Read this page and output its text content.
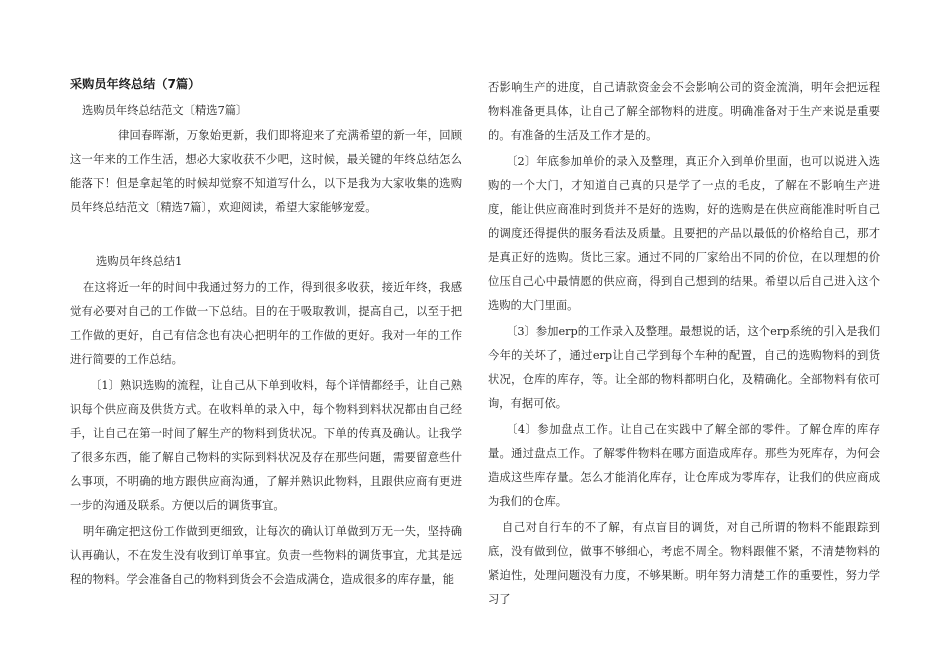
采购员年终总结（7篇）
选购员年终总结范文〔精选7篇〕

律回春晖渐，万象始更新，我们即将迎来了充满希望的新一年，回顾这一年来的工作生活，想必大家收获不少吧，这时候，最关键的年终总结怎么能落下！但是拿起笔的时候却觉察不知道写什么，以下是我为大家收集的选购员年终总结范文〔精选7篇〕，欢迎阅读，希望大家能够宠爱。

选购员年终总结1

在这将近一年的时间中我通过努力的工作，得到很多收获，接近年终，我感觉有必要对自己的工作做一下总结。目的在于吸取教训，提高自己，以至于把工作做的更好，自己有信念也有决心把明年的工作做的更好。我对一年的工作进行简要的工作总结。

〔1〕熟识选购的流程，让自己从下单到收料，每个详情都经手，让自己熟识每个供应商及供货方式。在收料单的录入中，每个物料到料状况都由自己经手，让自己在第一时间了解生产的物料到货状况。下单的传真及确认。让我学了很多东西，能了解自己物料的实际到料状况及存在那些问题，需要留意些什么事项，不明确的地方跟供应商沟通，了解并熟识此物料，且跟供应商有更进一步的沟通及联系。方便以后的调货事宜。

明年确定把这份工作做到更细致，让每次的确认订单做到万无一失，坚持确认再确认，不在发生没有收到订单事宜。负责一些物料的调货事宜，尤其是远程的物料。学会准备自己的物料到货会不会造成满仓，造成很多的库存量，能

否影响生产的进度，自己请款资金会不会影响公司的资金流淌，明年会把远程物料准备更具体，让自己了解全部物料的进度。明确准备对于生产来说是重要的。有准备的生活及工作才是的。

〔2〕年底参加单价的录入及整理，真正介入到单价里面，也可以说进入选购的一个大门，才知道自己真的只是学了一点的毛皮，了解在不影响生产进度，能让供应商准时到货并不是好的选购，好的选购是在供应商能准时听自己的调度还得提供的服务看法及质量。且要把的产品以最低的价格给自己，那才是真正好的选购。货比三家。通过不同的厂家给出不同的价位，在以理想的价位压自己心中最情愿的供应商，得到自己想到的结果。希望以后自己进入这个选购的大门里面。

〔3〕参加erp的工作录入及整理。最想说的话，这个erp系统的引入是我们今年的关坏了，通过erp让自己学到每个车种的配置，自己的选购物料的到货状况，仓库的库存，等。让全部的物料都明白化，及精确化。全部物料有依可询，有据可依。

〔4〕参加盘点工作。让自己在实践中了解全部的零件。了解仓库的库存量。通过盘点工作。了解零件物料在哪方面造成库存。那些为死库存，为何会造成这些库存量。怎么才能消化库存，让仓库成为零库存，让我们的供应商成为我们的仓库。

自己对自行车的不了解，有点盲目的调货，对自己所谓的物料不能跟踪到底，没有做到位，做事不够细心，考虑不周全。物料跟催不紧，不清楚物料的紧迫性，处理问题没有力度，不够果断。明年努力清楚工作的重要性，努力学习了
